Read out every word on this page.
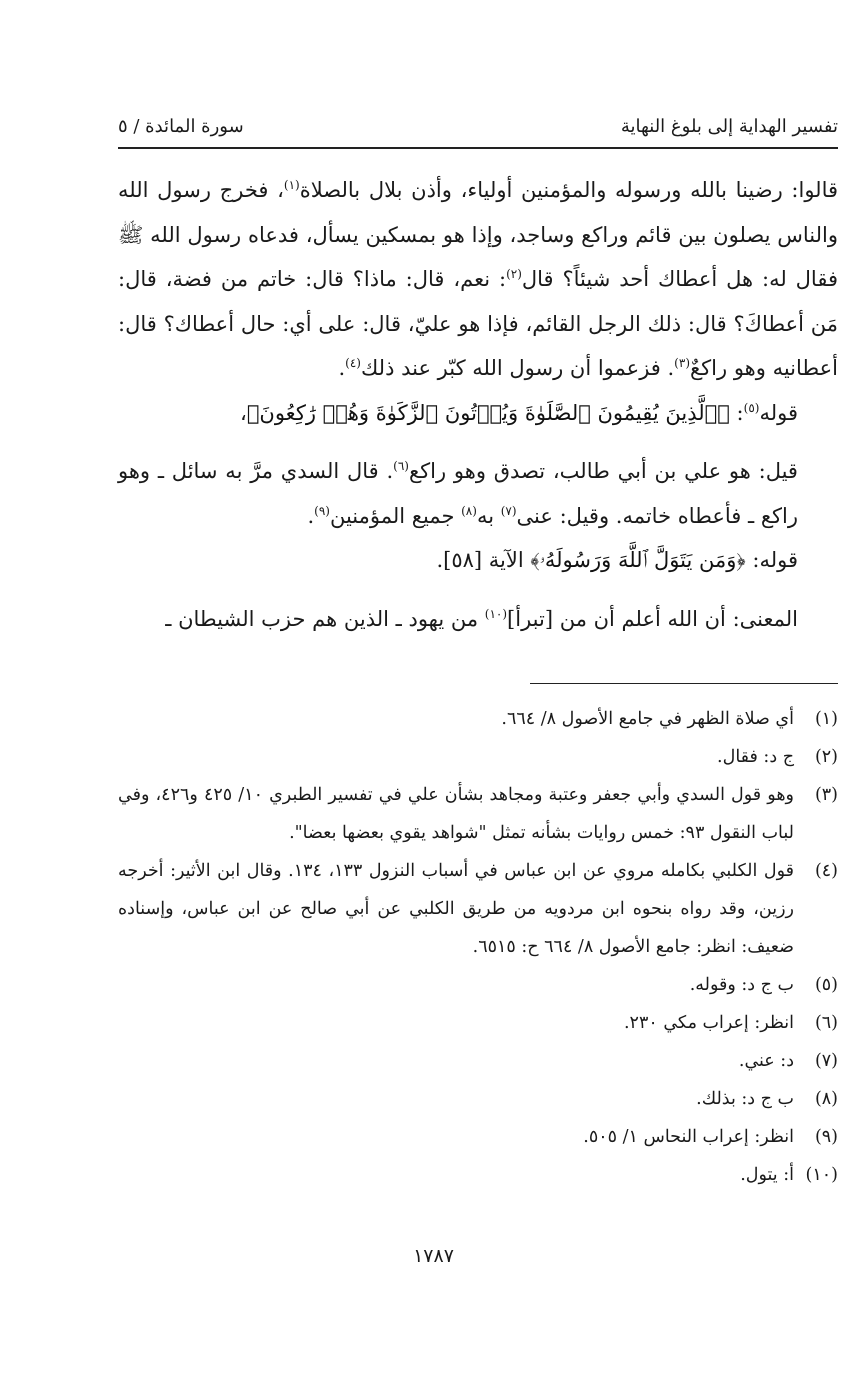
تفسير الهداية إلى بلوغ النهاية
سورة المائدة / ٥

قالوا: رضينا بالله ورسوله والمؤمنين أولياء، وأذن بلال بالصلاة$^{(١)}$، فخرج رسول الله والناس يصلون بين قائم وراكع وساجد، وإذا هو بمسكين يسأل، فدعاه رسول الله ﷺ فقال له: هل أعطاك أحد شيئاً؟ قال$^{(٢)}$: نعم، قال: ماذا؟ قال: خاتم من فضة، قال: مَن أعطاكَ؟ قال: ذلك الرجل القائم، فإذا هو عليّ، قال: على أي: حال أعطاك؟ قال: أعطانيه وهو راكعٌ$^{(٣)}$. فزعموا أن رسول الله كبّر عند ذلك$^{(٤)}$.

قوله$^{(٥)}$: ﴿ٱلَّذِينَ يُقِيمُونَ ٱلصَّلَوٰةَ وَيُؤۡتُونَ ٱلزَّكَوٰةَ وَهُمۡ رَٰكِعُونَ﴾،

قيل: هو علي بن أبي طالب، تصدق وهو راكع$^{(٦)}$. قال السدي مرَّ به سائل ـ وهو راكع ـ فأعطاه خاتمه. وقيل: عنى$^{(٧)}$ به$^{(٨)}$ جميع المؤمنين$^{(٩)}$.

قوله: ﴿وَمَن يَتَوَلَّ ٱللَّهَ وَرَسُولَهُۥ﴾ الآية [٥٨].

المعنى: أن الله أعلم أن من [تبرأ]$^{(١٠)}$ من يهود ـ الذين هم حزب الشيطان ـ

(١)
أي صلاة الظهر في جامع الأصول ٨/ ٦٦٤.
(٢)
ج د: فقال.
(٣)
وهو قول السدي وأبي جعفر وعتبة ومجاهد بشأن علي في تفسير الطبري ١٠/ ٤٢٥ و٤٢٦، وفي لباب النقول ٩٣: خمس روايات بشأنه تمثل "شواهد يقوي بعضها بعضا".
(٤)
قول الكلبي بكامله مروي عن ابن عباس في أسباب النزول ١٣٣، ١٣٤. وقال ابن الأثير: أخرجه رزين، وقد رواه بنحوه ابن مردويه من طريق الكلبي عن أبي صالح عن ابن عباس، وإسناده ضعيف: انظر: جامع الأصول ٨/ ٦٦٤ ح: ٦٥١٥.
(٥)
ب ج د: وقوله.
(٦)
انظر: إعراب مكي ٢٣٠.
(٧)
د: عني.
(٨)
ب ج د: بذلك.
(٩)
انظر: إعراب النحاس ١/ ٥٠٥.
(١٠)
أ: يتول.
١٧٨٧
